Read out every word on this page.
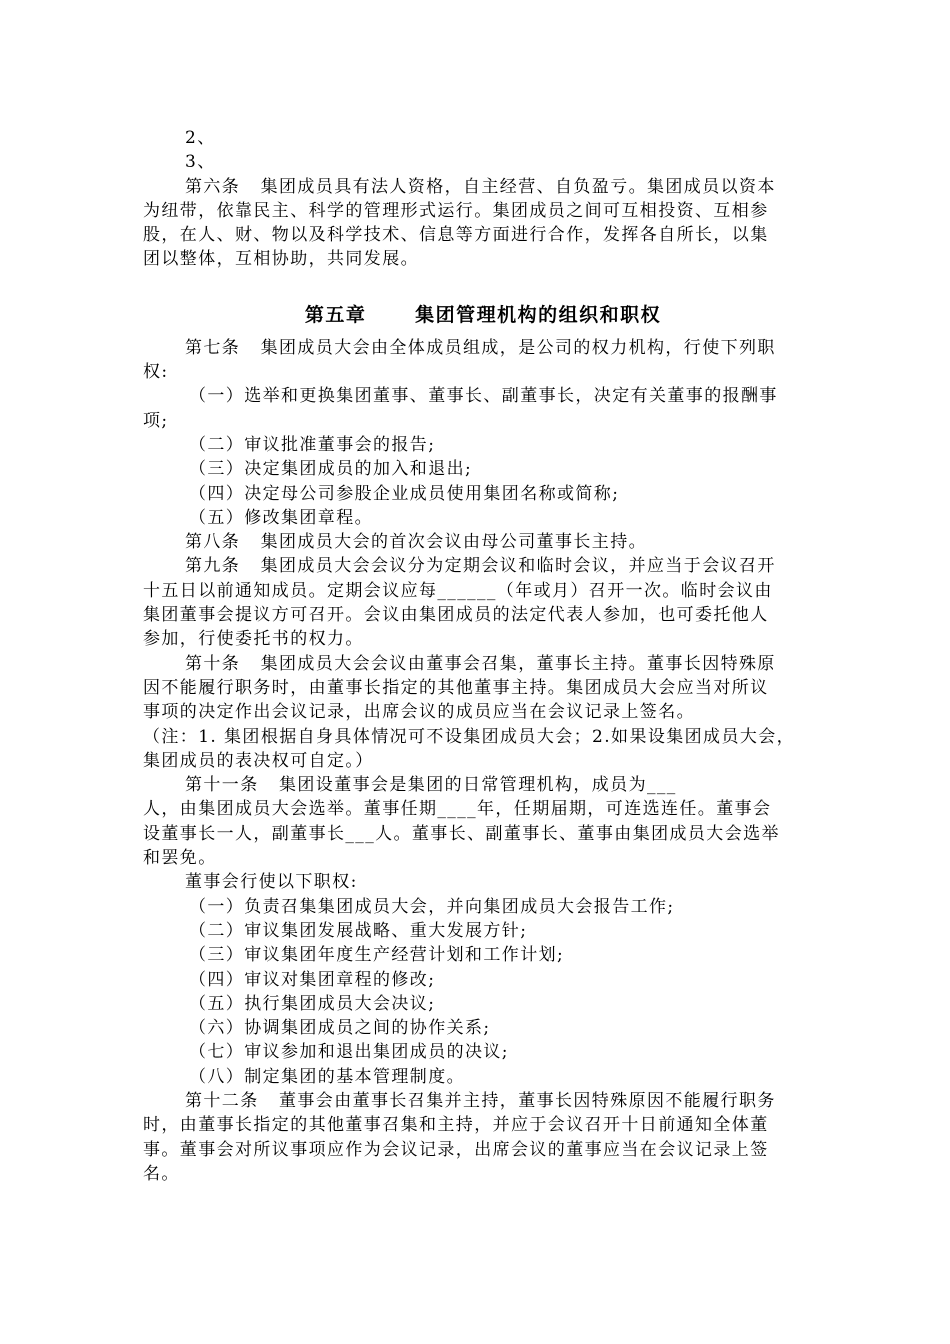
2、
3、
第六条   集团成员具有法人资格，自主经营、自负盈亏。集团成员以资本
为纽带，依靠民主、科学的管理形式运行。集团成员之间可互相投资、互相参
股，在人、财、物以及科学技术、信息等方面进行合作，发挥各自所长，以集
团以整体，互相协助，共同发展。
第五章      集团管理机构的组织和职权
第七条   集团成员大会由全体成员组成，是公司的权力机构，行使下列职
权:
（一）选举和更换集团董事、董事长、副董事长，决定有关董事的报酬事
项;
（二）审议批准董事会的报告;
（三）决定集团成员的加入和退出;
（四）决定母公司参股企业成员使用集团名称或简称;
（五）修改集团章程。
第八条   集团成员大会的首次会议由母公司董事长主持。
第九条   集团成员大会会议分为定期会议和临时会议，并应当于会议召开
十五日以前通知成员。定期会议应每______（年或月）召开一次。临时会议由
集团董事会提议方可召开。会议由集团成员的法定代表人参加，也可委托他人
参加，行使委托书的权力。
第十条   集团成员大会会议由董事会召集，董事长主持。董事长因特殊原
因不能履行职务时，由董事长指定的其他董事主持。集团成员大会应当对所议
事项的决定作出会议记录，出席会议的成员应当在会议记录上签名。
（注：1. 集团根据自身具体情况可不设集团成员大会；2.如果设集团成员大会，
集团成员的表决权可自定。）
第十一条   集团设董事会是集团的日常管理机构，成员为___
人，由集团成员大会选举。董事任期____年，任期届期，可连选连任。董事会
设董事长一人，副董事长___人。董事长、副董事长、董事由集团成员大会选举
和罢免。
董事会行使以下职权:
（一）负责召集集团成员大会，并向集团成员大会报告工作;
（二）审议集团发展战略、重大发展方针;
（三）审议集团年度生产经营计划和工作计划;
（四）审议对集团章程的修改;
（五）执行集团成员大会决议;
（六）协调集团成员之间的协作关系;
（七）审议参加和退出集团成员的决议;
（八）制定集团的基本管理制度。
第十二条   董事会由董事长召集并主持，董事长因特殊原因不能履行职务
时，由董事长指定的其他董事召集和主持，并应于会议召开十日前通知全体董
事。董事会对所议事项应作为会议记录，出席会议的董事应当在会议记录上签
名。
